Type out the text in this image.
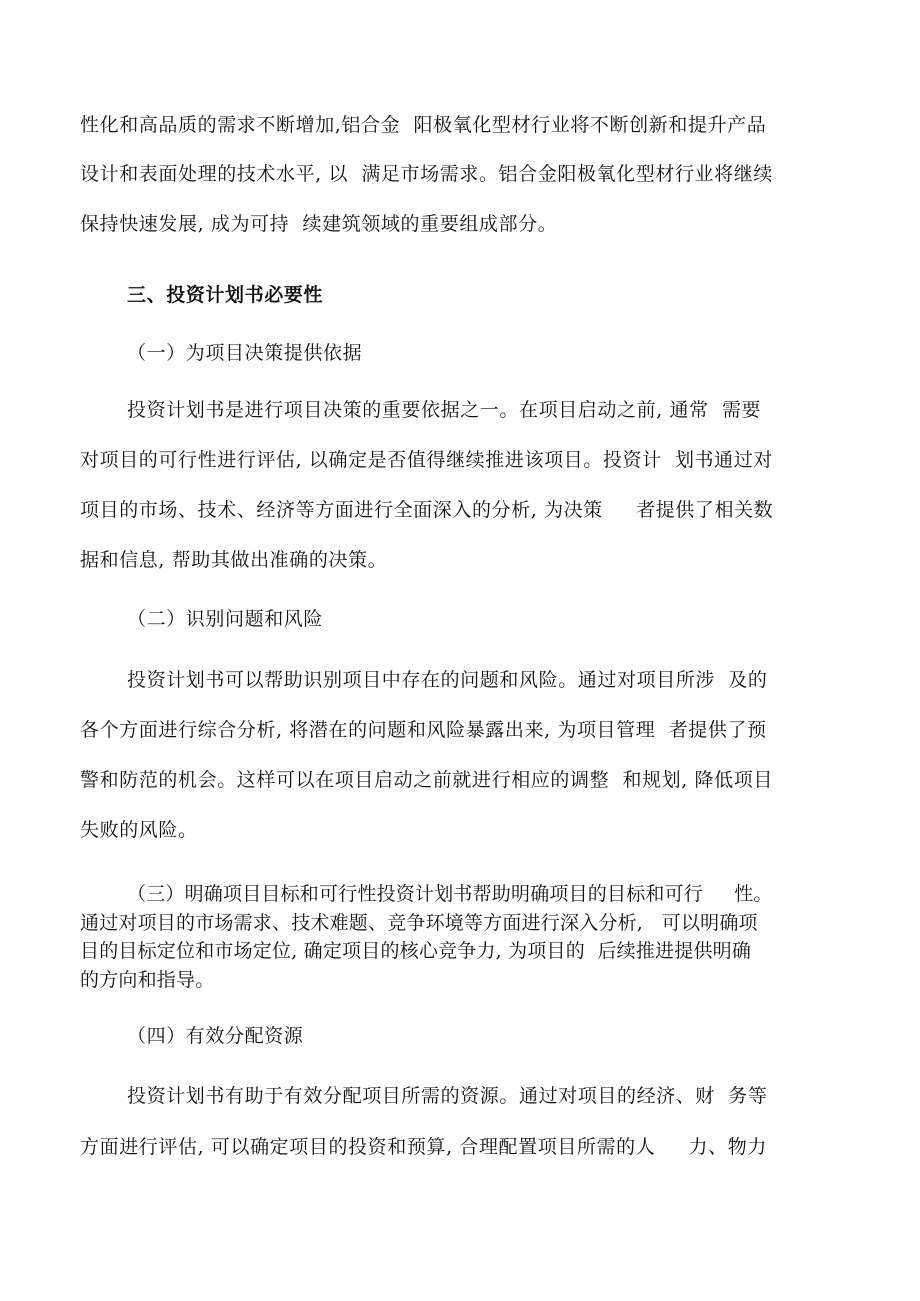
性化和高品质的需求不断增加,铝合金  阳极氧化型材行业将不断创新和提升产品
设计和表面处理的技术水平, 以  满足市场需求。铝合金阳极氧化型材行业将继续
保持快速发展, 成为可持  续建筑领域的重要组成部分。
三、投资计划书必要性
（一）为项目决策提供依据
投资计划书是进行项目决策的重要依据之一。在项目启动之前, 通常  需要
对项目的可行性进行评估, 以确定是否值得继续推进该项目。投资计  划书通过对
项目的市场、技术、经济等方面进行全面深入的分析, 为决策     者提供了相关数
据和信息, 帮助其做出准确的决策。
（二）识别问题和风险
投资计划书可以帮助识别项目中存在的问题和风险。通过对项目所涉  及的
各个方面进行综合分析, 将潜在的问题和风险暴露出来, 为项目管理  者提供了预
警和防范的机会。这样可以在项目启动之前就进行相应的调整  和规划, 降低项目
失败的风险。
（三）明确项目目标和可行性投资计划书帮助明确项目的目标和可行     性。
通过对项目的市场需求、技术难题、竞争环境等方面进行深入分析,   可以明确项
目的目标定位和市场定位, 确定项目的核心竞争力, 为项目的  后续推进提供明确
的方向和指导。
（四）有效分配资源
投资计划书有助于有效分配项目所需的资源。通过对项目的经济、财  务等
方面进行评估, 可以确定项目的投资和预算, 合理配置项目所需的人     力、物力
